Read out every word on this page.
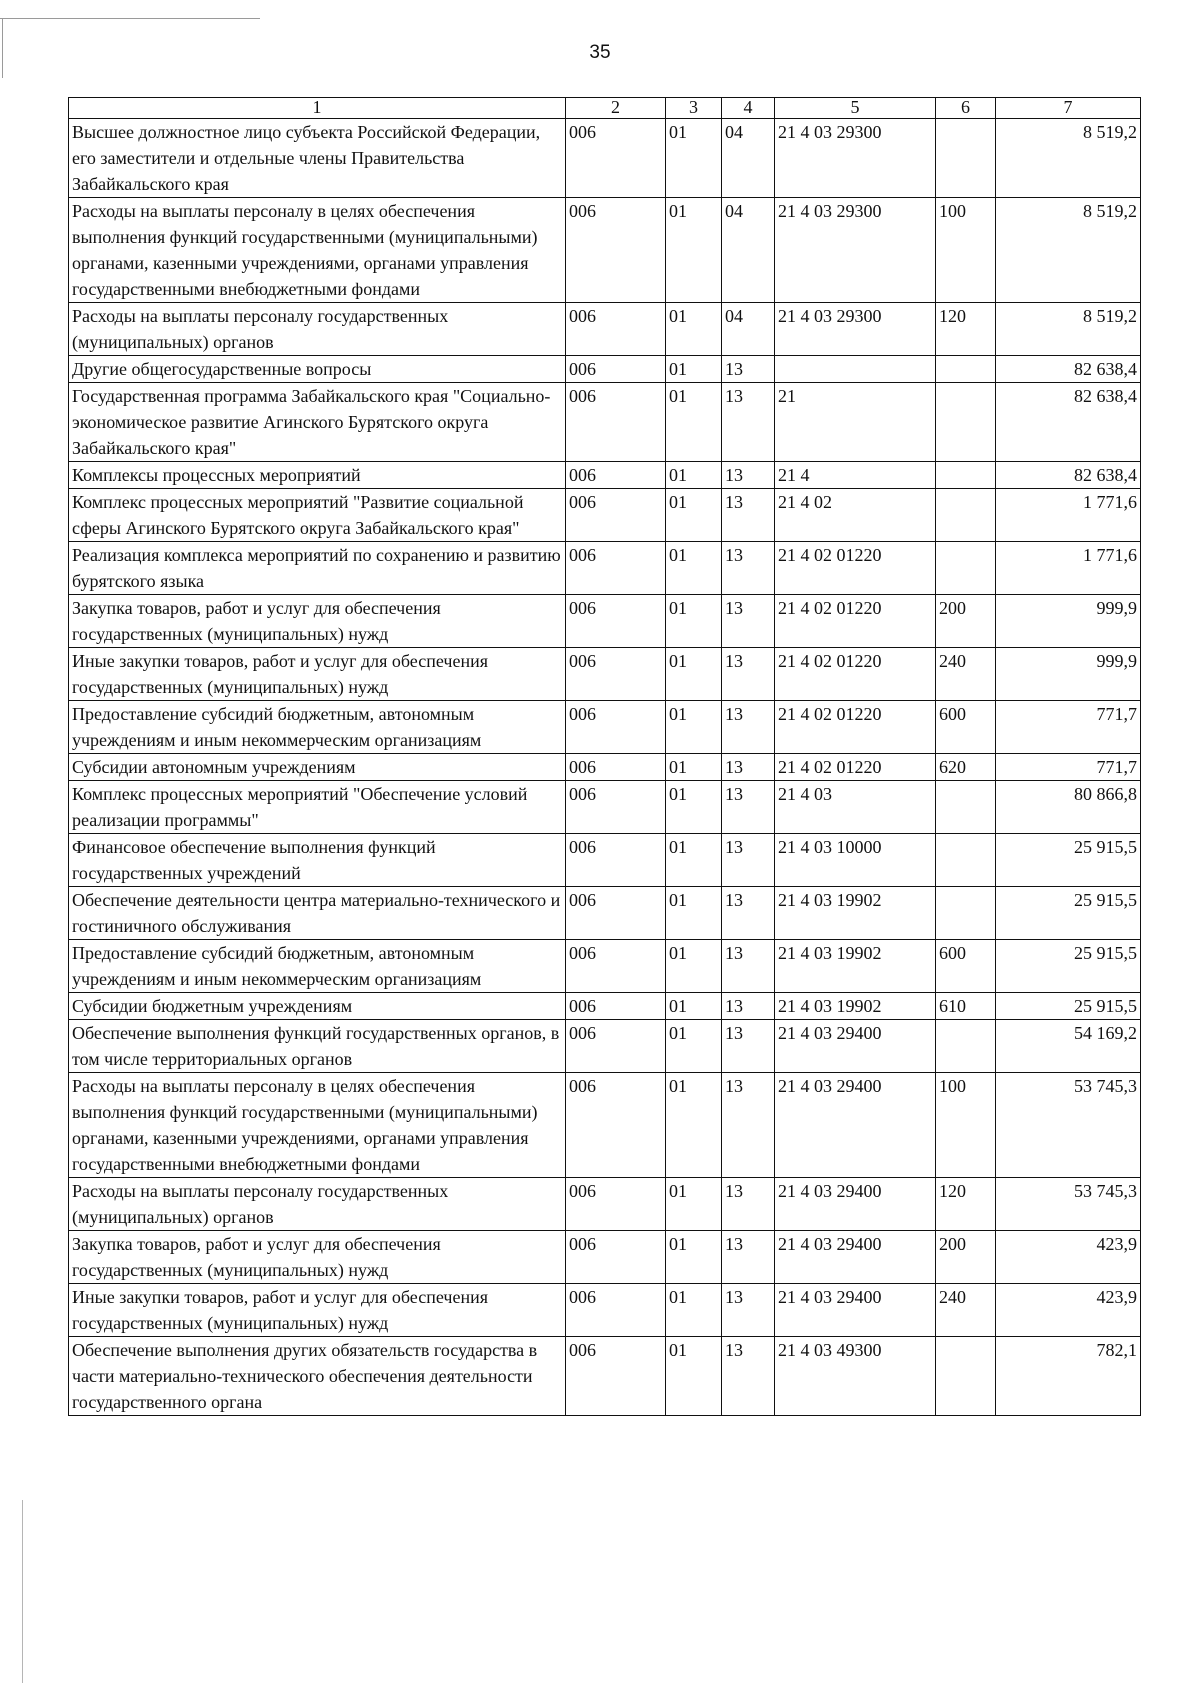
35
1	2	3	4	5	6	7
Высшее должностное лицо субъекта Российской Федерации, его заместители и отдельные члены Правительства Забайкальского края	006	01	04	21 4 03 29300		8 519,2
Расходы на выплаты персоналу в целях обеспечения выполнения функций государственными (муниципальными) органами, казенными учреждениями, органами управления государственными внебюджетными фондами	006	01	04	21 4 03 29300	100	8 519,2
Расходы на выплаты персоналу государственных (муниципальных) органов	006	01	04	21 4 03 29300	120	8 519,2
Другие общегосударственные вопросы	006	01	13			82 638,4
Государственная программа Забайкальского края "Социально-экономическое развитие Агинского Бурятского округа Забайкальского края"	006	01	13	21		82 638,4
Комплексы процессных мероприятий	006	01	13	21 4		82 638,4
Комплекс процессных мероприятий "Развитие социальной сферы Агинского Бурятского округа Забайкальского края"	006	01	13	21 4 02		1 771,6
Реализация комплекса мероприятий по сохранению и развитию бурятского языка	006	01	13	21 4 02 01220		1 771,6
Закупка товаров, работ и услуг для обеспечения государственных (муниципальных) нужд	006	01	13	21 4 02 01220	200	999,9
Иные закупки товаров, работ и услуг для обеспечения государственных (муниципальных) нужд	006	01	13	21 4 02 01220	240	999,9
Предоставление субсидий бюджетным, автономным учреждениям и иным некоммерческим организациям	006	01	13	21 4 02 01220	600	771,7
Субсидии автономным учреждениям	006	01	13	21 4 02 01220	620	771,7
Комплекс процессных мероприятий "Обеспечение условий реализации программы"	006	01	13	21 4 03		80 866,8
Финансовое обеспечение выполнения функций государственных учреждений	006	01	13	21 4 03 10000		25 915,5
Обеспечение деятельности центра материально-технического и гостиничного обслуживания	006	01	13	21 4 03 19902		25 915,5
Предоставление субсидий бюджетным, автономным учреждениям и иным некоммерческим организациям	006	01	13	21 4 03 19902	600	25 915,5
Субсидии бюджетным учреждениям	006	01	13	21 4 03 19902	610	25 915,5
Обеспечение выполнения функций государственных органов, в том числе территориальных органов	006	01	13	21 4 03 29400		54 169,2
Расходы на выплаты персоналу в целях обеспечения выполнения функций государственными (муниципальными) органами, казенными учреждениями, органами управления государственными внебюджетными фондами	006	01	13	21 4 03 29400	100	53 745,3
Расходы на выплаты персоналу государственных (муниципальных) органов	006	01	13	21 4 03 29400	120	53 745,3
Закупка товаров, работ и услуг для обеспечения государственных (муниципальных) нужд	006	01	13	21 4 03 29400	200	423,9
Иные закупки товаров, работ и услуг для обеспечения государственных (муниципальных) нужд	006	01	13	21 4 03 29400	240	423,9
Обеспечение выполнения других обязательств государства в части материально-технического обеспечения деятельности государственного органа	006	01	13	21 4 03 49300		782,1
